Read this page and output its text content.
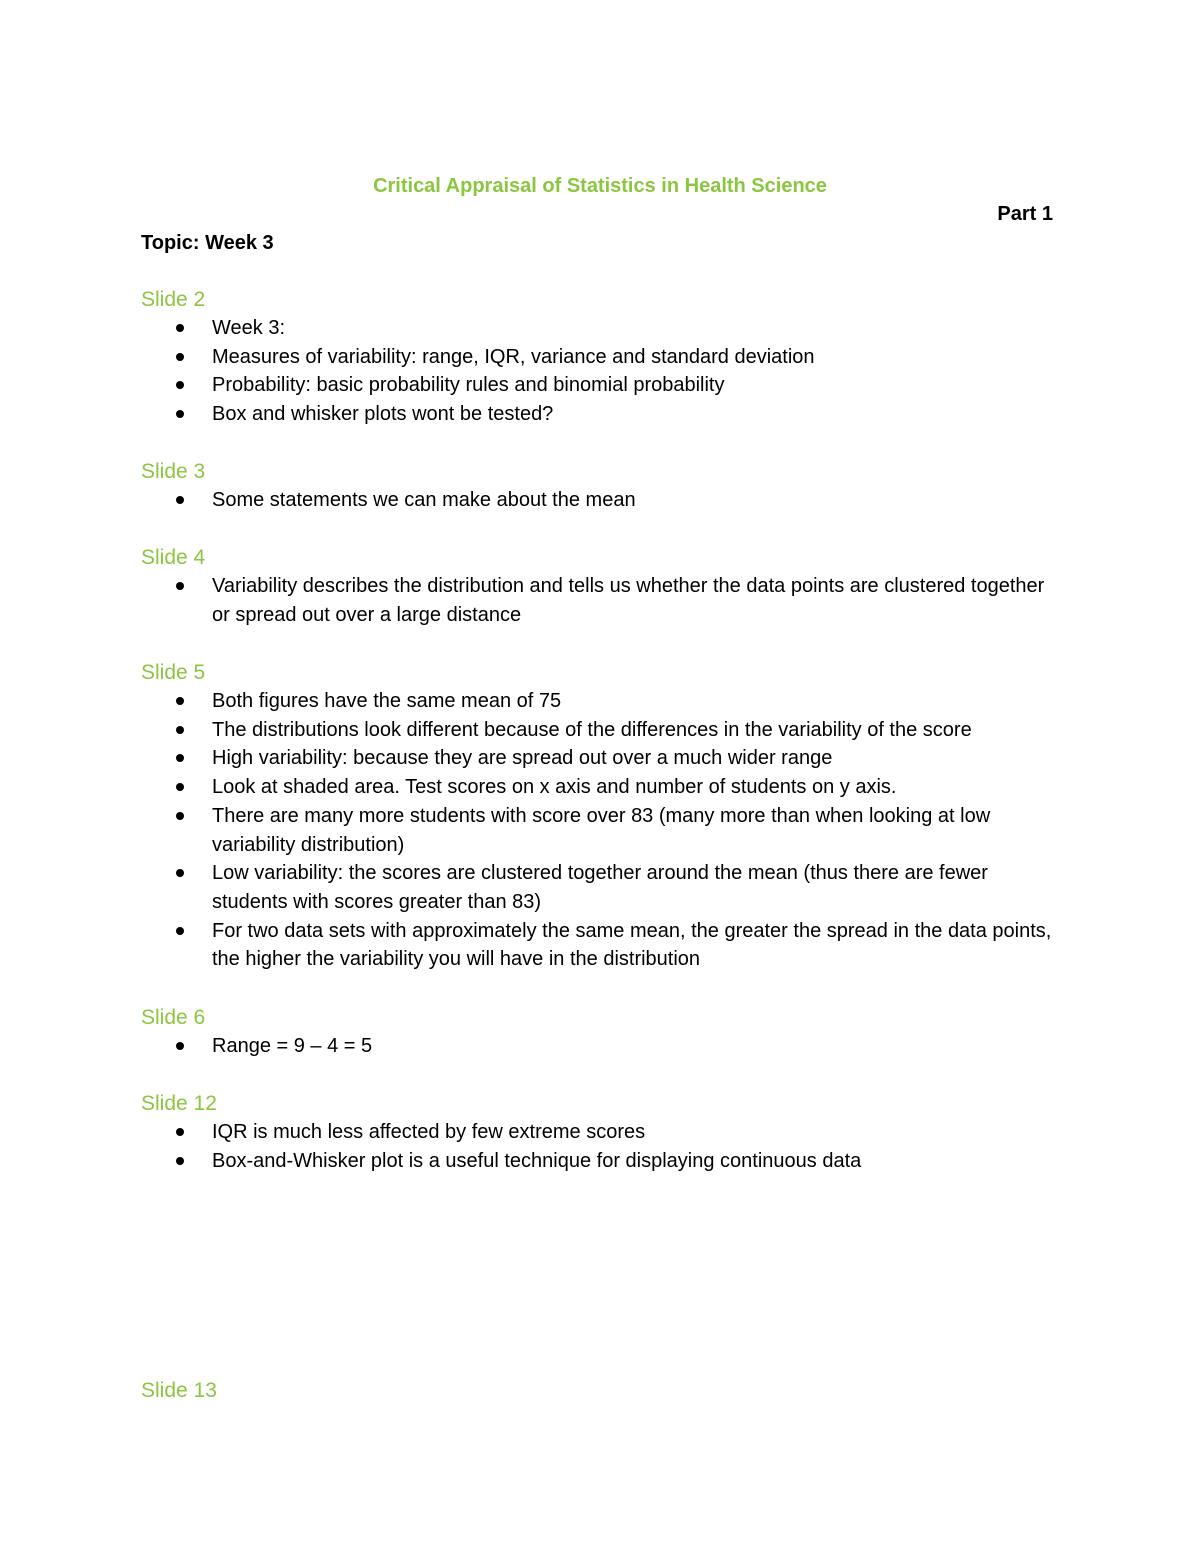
Critical Appraisal of Statistics in Health Science
Part 1
Topic: Week 3
Slide 2
Week 3:
Measures of variability: range, IQR, variance and standard deviation
Probability: basic probability rules and binomial probability
Box and whisker plots wont be tested?
Slide 3
Some statements we can make about the mean
Slide 4
Variability describes the distribution and tells us whether the data points are clustered together or spread out over a large distance
Slide 5
Both figures have the same mean of 75
The distributions look different because of the differences in the variability of the score
High variability: because they are spread out over a much wider range
Look at shaded area. Test scores on x axis and number of students on y axis.
There are many more students with score over 83 (many more than when looking at low variability distribution)
Low variability: the scores are clustered together around the mean (thus there are fewer students with scores greater than 83)
For two data sets with approximately the same mean, the greater the spread in the data points, the higher the variability you will have in the distribution
Slide 6
Range = 9 – 4 = 5
Slide 12
IQR is much less affected by few extreme scores
Box-and-Whisker plot is a useful technique for displaying continuous data
Slide 13
